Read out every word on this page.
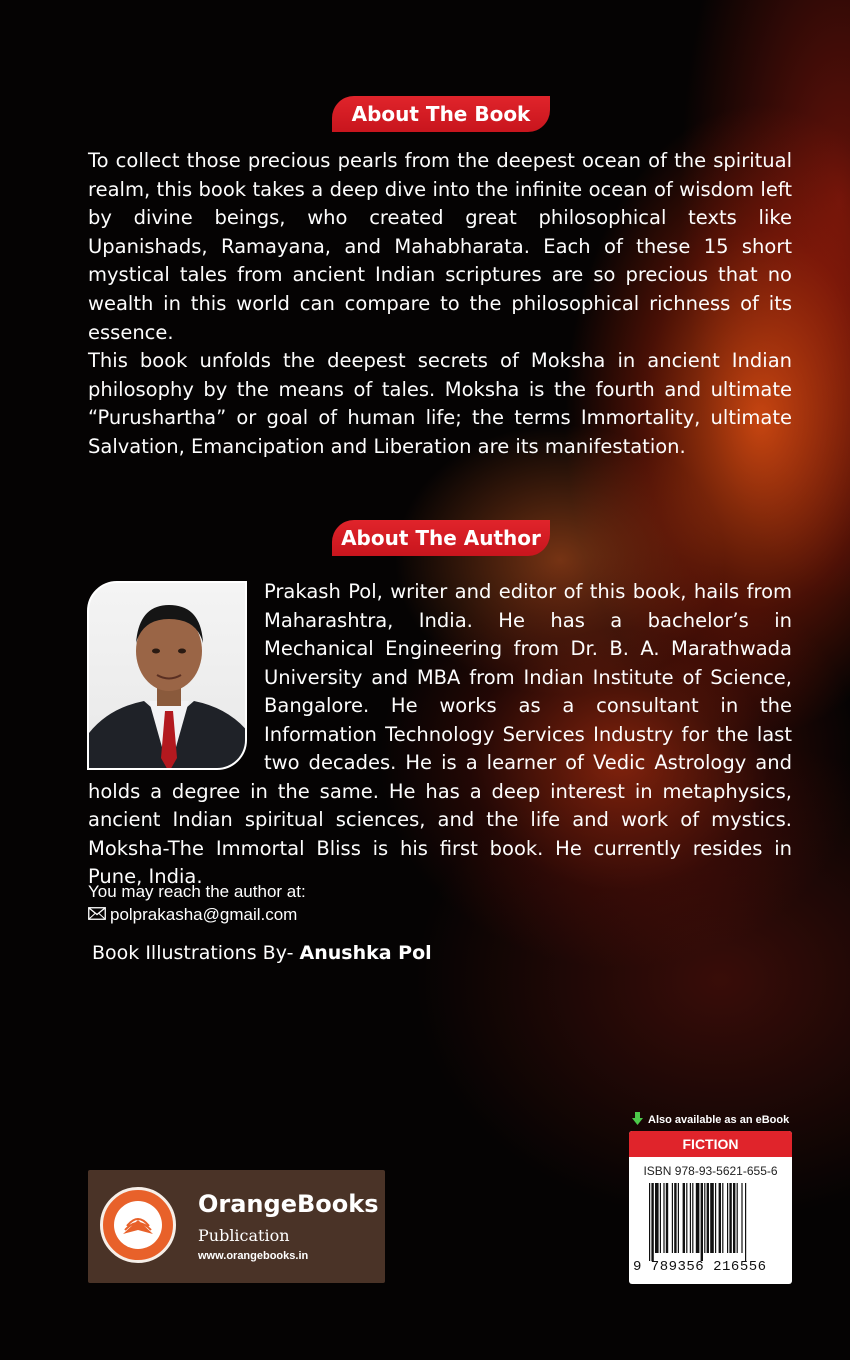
About The Book
To collect those precious pearls from the deepest ocean of the spiritual realm, this book takes a deep dive into the infinite ocean of wisdom left by divine beings, who created great philosophical texts like Upanishads, Ramayana, and Mahabharata. Each of these 15 short mystical tales from ancient Indian scriptures are so precious that no wealth in this world can compare to the philosophical richness of its essence.
This book unfolds the deepest secrets of Moksha in ancient Indian philosophy by the means of tales. Moksha is the fourth and ultimate “Purushartha” or goal of human life; the terms Immortality, ultimate Salvation, Emancipation and Liberation are its manifestation.
About The Author
Prakash Pol, writer and editor of this book, hails from Maharashtra, India. He has a bachelor’s in Mechanical Engineering from Dr. B. A. Marathwada University and MBA from Indian Institute of Science, Bangalore. He works as a consultant in the Information Technology Services Industry for the last two decades. He is a learner of Vedic Astrology and holds a degree in the same. He has a deep interest in metaphysics, ancient Indian spiritual sciences, and the life and work of mystics. Moksha-The Immortal Bliss is his first book. He currently resides in Pune, India.
You may reach the author at:
polprakasha@gmail.com
Book Illustrations By- Anushka Pol
OrangeBooks
Publication
www.orangebooks.in
Also available as an eBook
FICTION
ISBN 978-93-5621-655-6
9 789356 216556
